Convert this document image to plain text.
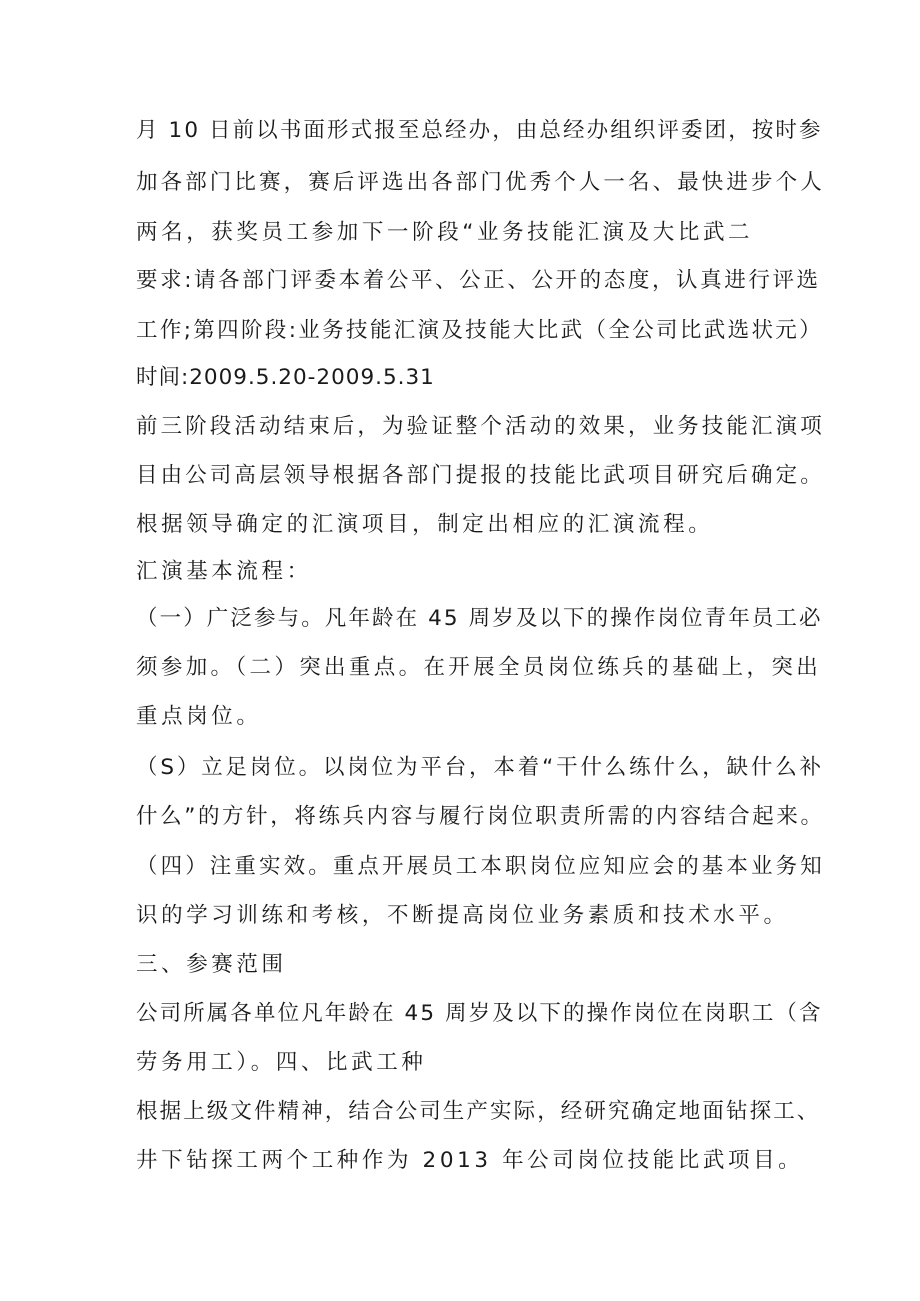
月 10 日前以书面形式报至总经办，由总经办组织评委团，按时参
加各部门比赛，赛后评选出各部门优秀个人一名、最快进步个人
两名，获奖员工参加下一阶段“业务技能汇演及大比武二
要求:请各部门评委本着公平、公正、公开的态度，认真进行评选
工作;第四阶段:业务技能汇演及技能大比武（全公司比武选状元）
时间:2009.5.20-2009.5.31
前三阶段活动结束后，为验证整个活动的效果，业务技能汇演项
目由公司高层领导根据各部门提报的技能比武项目研究后确定。
根据领导确定的汇演项目，制定出相应的汇演流程。
汇演基本流程：
（一）广泛参与。凡年龄在 45 周岁及以下的操作岗位青年员工必
须参加。（二）突出重点。在开展全员岗位练兵的基础上，突出
重点岗位。
（S）立足岗位。以岗位为平台，本着“干什么练什么，缺什么补
什么”的方针，将练兵内容与履行岗位职责所需的内容结合起来。
（四）注重实效。重点开展员工本职岗位应知应会的基本业务知
识的学习训练和考核，不断提高岗位业务素质和技术水平。
三、参赛范围
公司所属各单位凡年龄在 45 周岁及以下的操作岗位在岗职工（含
劳务用工）。四、比武工种
根据上级文件精神，结合公司生产实际，经研究确定地面钻探工、
井下钻探工两个工种作为 2013 年公司岗位技能比武项目。
